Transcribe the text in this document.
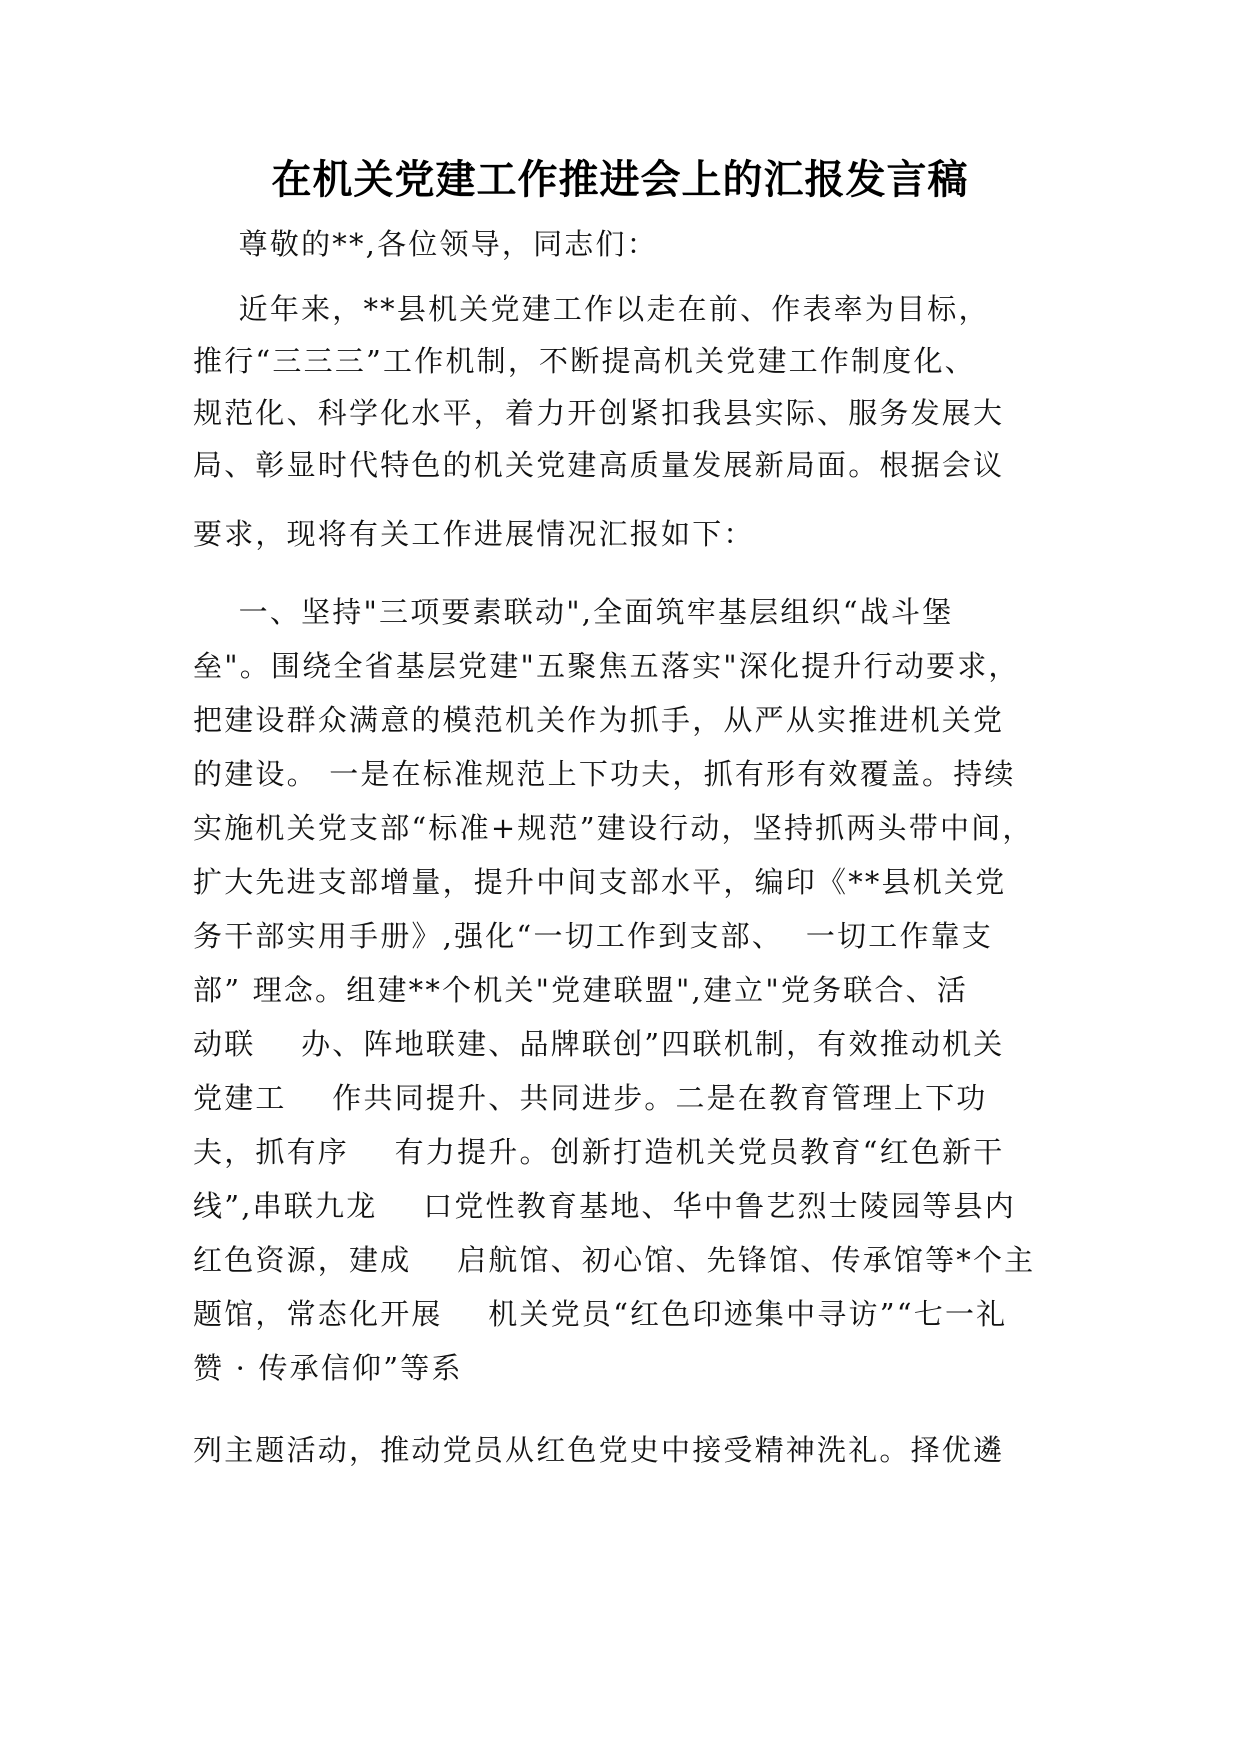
在机关党建工作推进会上的汇报发言稿
尊敬的**,各位领导，同志们：
近年来，**县机关党建工作以走在前、作表率为目标，
推行“三三三”工作机制，不断提高机关党建工作制度化、
规范化、科学化水平，着力开创紧扣我县实际、服务发展大
局、彰显时代特色的机关党建高质量发展新局面。根据会议
要求，现将有关工作进展情况汇报如下：
一、坚持"三项要素联动",全面筑牢基层组织“战斗堡
垒"。围绕全省基层党建"五聚焦五落实"深化提升行动要求，
把建设群众满意的模范机关作为抓手，从严从实推进机关党
的建设。 一是在标准规范上下功夫，抓有形有效覆盖。持续
实施机关党支部“标准+规范”建设行动，坚持抓两头带中间，
扩大先进支部增量，提升中间支部水平，编印《**县机关党
务干部实用手册》,强化“一切工作到支部、  一切工作靠支
部” 理念。组建**个机关"党建联盟",建立"党务联合、活
动联    办、阵地联建、品牌联创”四联机制，有效推动机关
党建工    作共同提升、共同进步。二是在教育管理上下功
夫，抓有序    有力提升。创新打造机关党员教育“红色新干
线”,串联九龙    口党性教育基地、华中鲁艺烈士陵园等县内
红色资源，建成    启航馆、初心馆、先锋馆、传承馆等*个主
题馆，常态化开展    机关党员“红色印迹集中寻访”“七一礼
赞 · 传承信仰”等系
列主题活动，推动党员从红色党史中接受精神洗礼。择优遴
